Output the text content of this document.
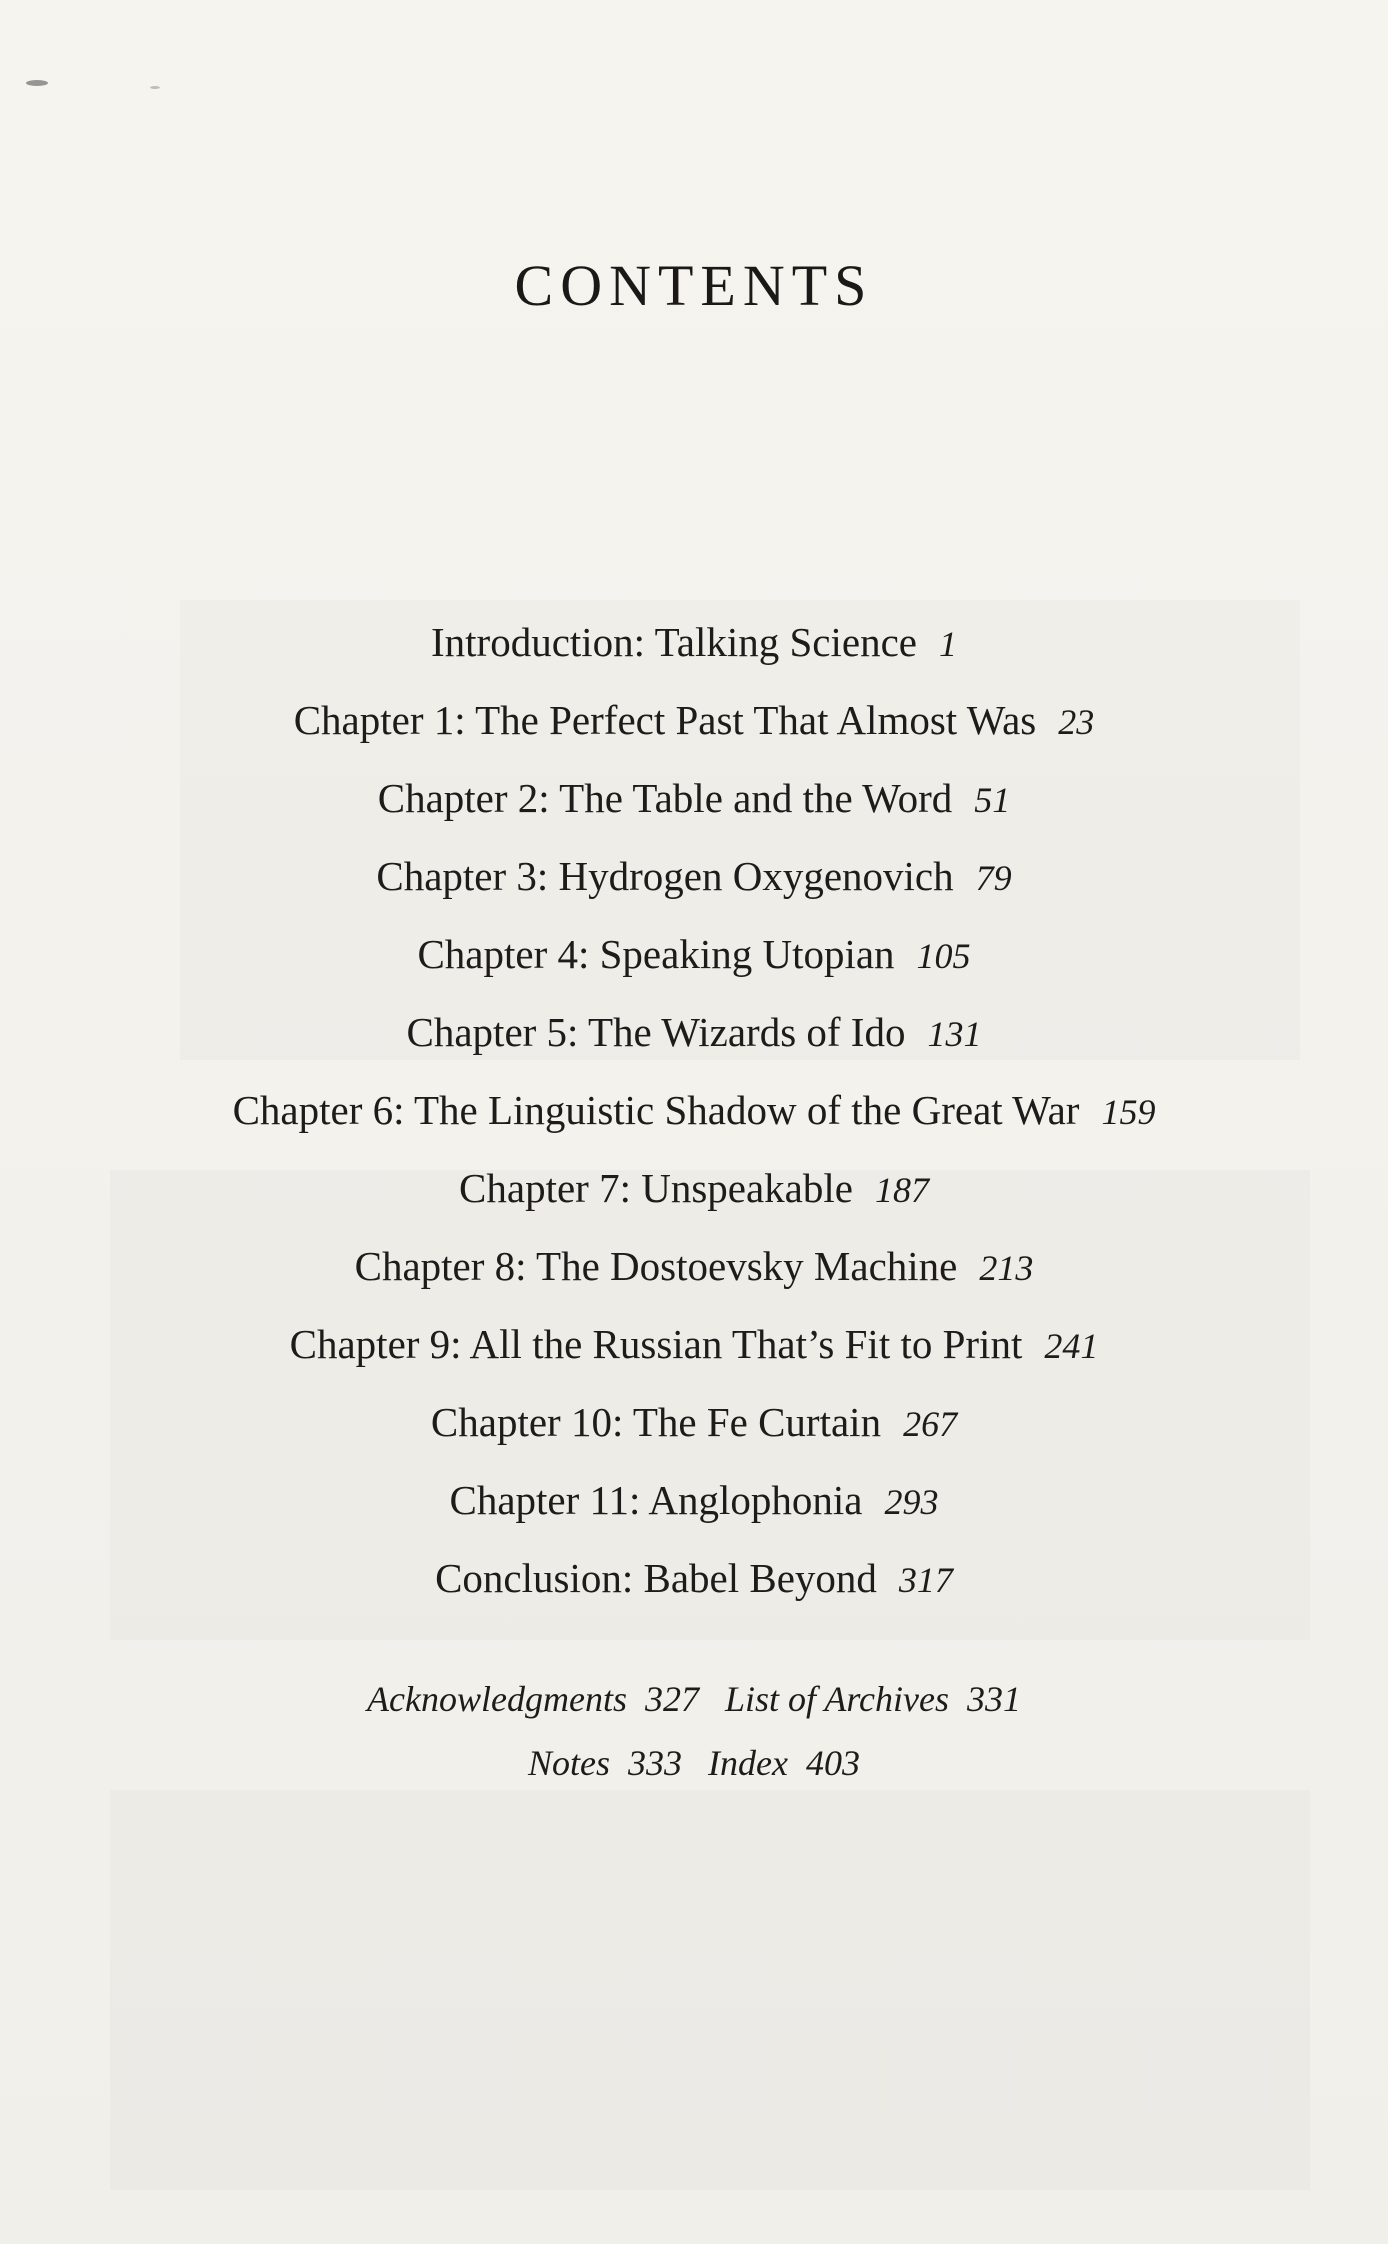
CONTENTS
Introduction: Talking Science 1
Chapter 1: The Perfect Past That Almost Was 23
Chapter 2: The Table and the Word 51
Chapter 3: Hydrogen Oxygenovich 79
Chapter 4: Speaking Utopian 105
Chapter 5: The Wizards of Ido 131
Chapter 6: The Linguistic Shadow of the Great War 159
Chapter 7: Unspeakable 187
Chapter 8: The Dostoevsky Machine 213
Chapter 9: All the Russian That’s Fit to Print 241
Chapter 10: The Fe Curtain 267
Chapter 11: Anglophonia 293
Conclusion: Babel Beyond 317
Acknowledgments 327 List of Archives 331
Notes 333 Index 403
